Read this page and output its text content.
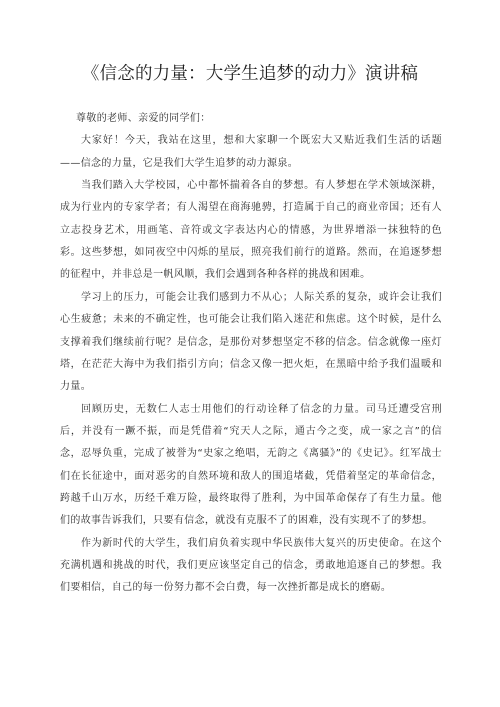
《信念的力量：大学生追梦的动力》演讲稿

尊敬的老师、亲爱的同学们：

大家好！今天，我站在这里，想和大家聊一个既宏大又贴近我们生活的话题——信念的力量，它是我们大学生追梦的动力源泉。

当我们踏入大学校园，心中都怀揣着各自的梦想。有人梦想在学术领域深耕，成为行业内的专家学者；有人渴望在商海驰骋，打造属于自己的商业帝国；还有人立志投身艺术，用画笔、音符或文字表达内心的情感，为世界增添一抹独特的色彩。这些梦想，如同夜空中闪烁的星辰，照亮我们前行的道路。然而，在追逐梦想的征程中，并非总是一帆风顺，我们会遇到各种各样的挑战和困难。

学习上的压力，可能会让我们感到力不从心；人际关系的复杂，或许会让我们心生疲惫；未来的不确定性，也可能会让我们陷入迷茫和焦虑。这个时候，是什么支撑着我们继续前行呢？是信念，是那份对梦想坚定不移的信念。信念就像一座灯塔，在茫茫大海中为我们指引方向；信念又像一把火炬，在黑暗中给予我们温暖和力量。

回顾历史，无数仁人志士用他们的行动诠释了信念的力量。司马迁遭受宫刑后，并没有一蹶不振，而是凭借着“究天人之际，通古今之变，成一家之言”的信念，忍辱负重，完成了被誉为“史家之绝唱，无韵之《离骚》”的《史记》。红军战士们在长征途中，面对恶劣的自然环境和敌人的围追堵截，凭借着坚定的革命信念，跨越千山万水，历经千难万险，最终取得了胜利，为中国革命保存了有生力量。他们的故事告诉我们，只要有信念，就没有克服不了的困难，没有实现不了的梦想。

作为新时代的大学生，我们肩负着实现中华民族伟大复兴的历史使命。在这个充满机遇和挑战的时代，我们更应该坚定自己的信念，勇敢地追逐自己的梦想。我们要相信，自己的每一份努力都不会白费，每一次挫折都是成长的磨砺。
